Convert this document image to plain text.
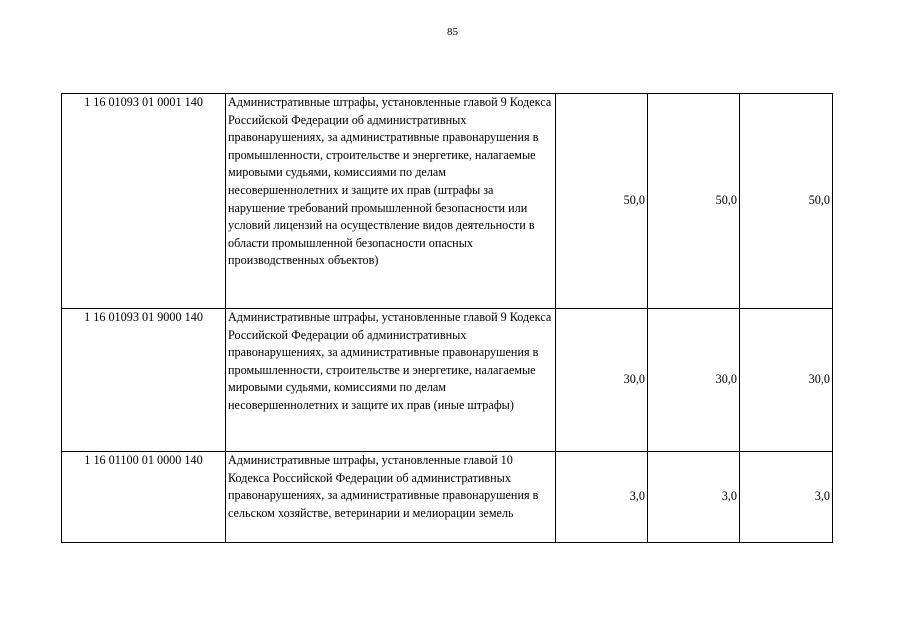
85
1 16 01093 01 0001 140	Административные штрафы, установленные главой 9 Кодекса Российской Федерации об административных правонарушениях, за административные правонарушения в промышленности, строительстве и энергетике, налагаемые мировыми судьями, комиссиями по делам несовершеннолетних и защите их прав (штрафы за нарушение требований промышленной безопасности или условий лицензий на осуществление видов деятельности в области промышленной безопасности опасных производственных объектов)	50,0	50,0	50,0
1 16 01093 01 9000 140	Административные штрафы, установленные главой 9 Кодекса Российской Федерации об административных правонарушениях, за административные правонарушения в промышленности, строительстве и энергетике, налагаемые мировыми судьями, комиссиями по делам несовершеннолетних и защите их прав (иные штрафы)	30,0	30,0	30,0
1 16 01100 01 0000 140	Административные штрафы, установленные главой 10 Кодекса Российской Федерации об административных правонарушениях, за административные правонарушения в сельском хозяйстве, ветеринарии и мелиорации земель	3,0	3,0	3,0
